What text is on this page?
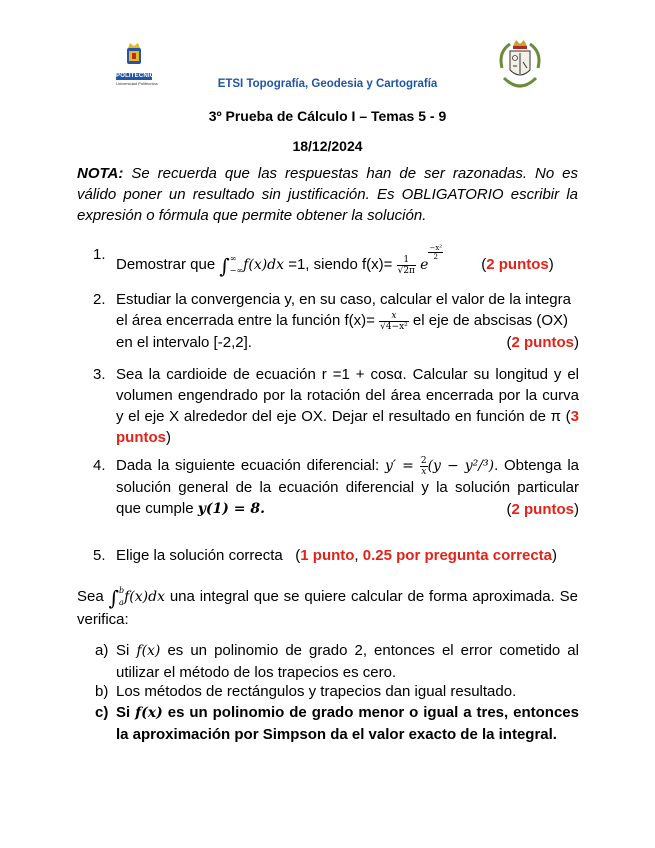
POLITÉCNICA
Universidad Politécnica	ETSI Topografía, Geodesia y Cartografía
3º Prueba de Cálculo I – Temas 5 - 9
18/12/2024
NOTA: Se recuerda que las respuestas han de ser razonadas. No es válido poner un resultado sin justificación. Es OBLIGATORIO escribir la expresión o fórmula que permite obtener la solución.
1.
Demostrar que ∫ ∞
−∞ f(x)dx =1, siendo $f(x)= \frac{1}{√2\pi}$ e
$\frac{\text{−x²}}{2}$
(2 puntos)
2. Estudiar la convergencia y, en su caso, calcular el valor de la integra
el área encerrada entre la función $f(x)= \frac{x}{\text{√4−x²}}$ el eje de abscisas (OX)
en el intervalo [-2,2].	(2 puntos)
3. Sea la cardioide de ecuación r =1 + cosα. Calcular su longitud y el volumen engendrado por la rotación del área encerrada por la curva y el eje X alrededor del eje OX. Dejar el resultado en función de π (3 puntos)
4. Dada la siguiente ecuación diferencial: $y' = \frac{2}{x} (y - y^2/^3)$. Obtenga la solución general de la ecuación diferencial y la solución particular que cumple y(1) = 8.	(2 puntos)
5. Elige la solución correcta   (1 punto, 0.25 por pregunta correcta)
Sea ∫ b
a f(x)dx una integral que se quiere calcular de forma aproximada. Se verifica:
a) Si f(x) es un polinomio de grado 2, entonces el error cometido al utilizar el método de los trapecios es cero.
b) Los métodos de rectángulos y trapecios dan igual resultado.
c) Si f(x) es un polinomio de grado menor o igual a tres, entonces la aproximación por Simpson da el valor exacto de la integral.
